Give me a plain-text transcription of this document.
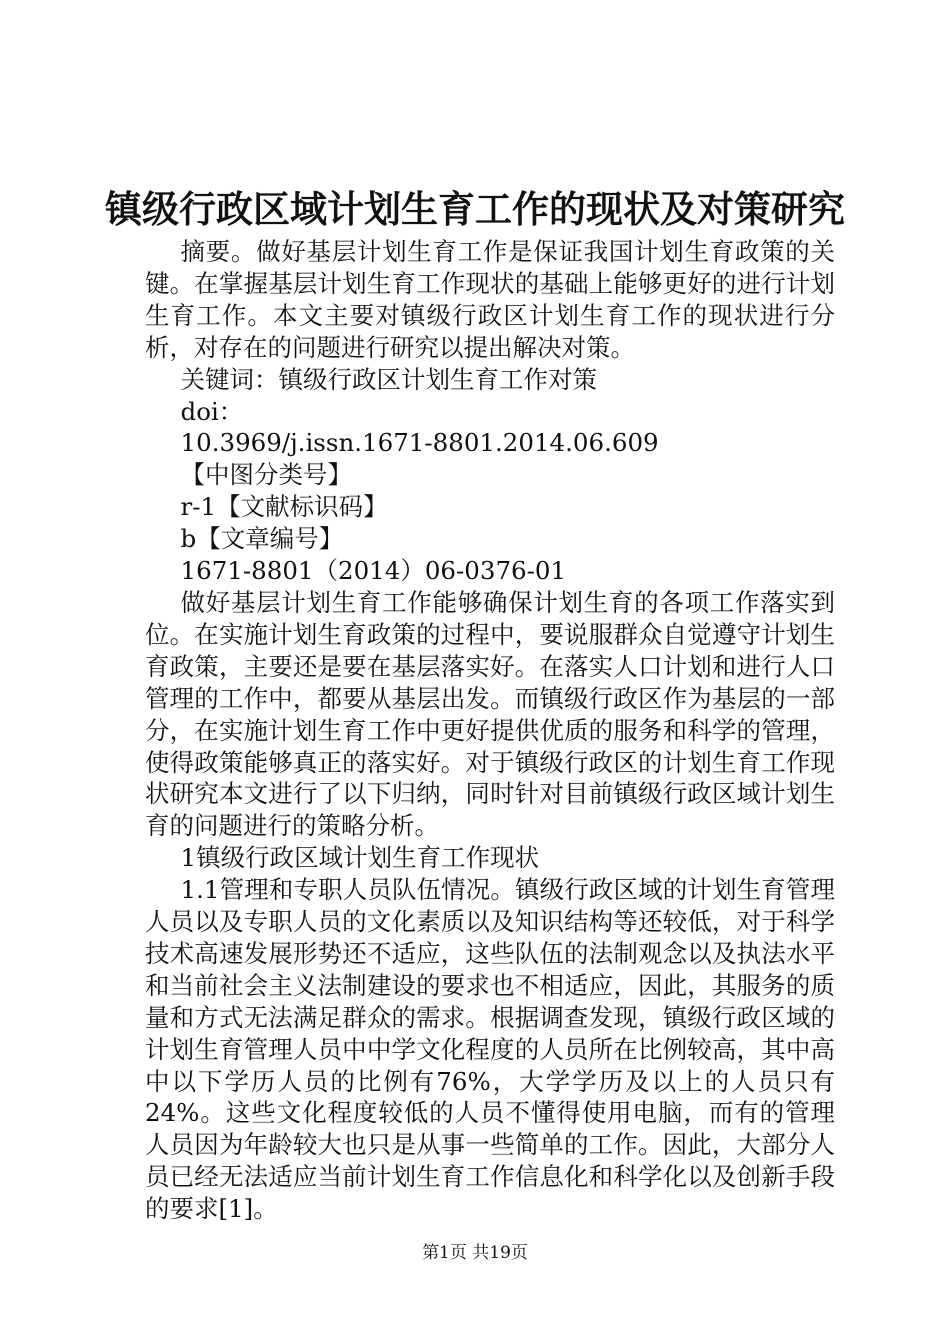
镇级行政区域计划生育工作的现状及对策研究

摘要。做好基层计划生育工作是保证我国计划生育政策的关键。在掌握基层计划生育工作现状的基础上能够更好的进行计划生育工作。本文主要对镇级行政区计划生育工作的现状进行分析，对存在的问题进行研究以提出解决对策。

关键词：镇级行政区计划生育工作对策

doi：

10.3969/j.issn.1671-8801.2014.06.609

【中图分类号】

r-1【文献标识码】

b【文章编号】

1671-8801（2014）06-0376-01

做好基层计划生育工作能够确保计划生育的各项工作落实到位。在实施计划生育政策的过程中，要说服群众自觉遵守计划生育政策，主要还是要在基层落实好。在落实人口计划和进行人口管理的工作中，都要从基层出发。而镇级行政区作为基层的一部分，在实施计划生育工作中更好提供优质的服务和科学的管理，使得政策能够真正的落实好。对于镇级行政区的计划生育工作现状研究本文进行了以下归纳，同时针对目前镇级行政区域计划生育的问题进行的策略分析。

1镇级行政区域计划生育工作现状

1.1管理和专职人员队伍情况。镇级行政区域的计划生育管理人员以及专职人员的文化素质以及知识结构等还较低，对于科学技术高速发展形势还不适应，这些队伍的法制观念以及执法水平和当前社会主义法制建设的要求也不相适应，因此，其服务的质量和方式无法满足群众的需求。根据调查发现，镇级行政区域的计划生育管理人员中中学文化程度的人员所在比例较高，其中高中以下学历人员的比例有76%，大学学历及以上的人员只有24%。这些文化程度较低的人员不懂得使用电脑，而有的管理人员因为年龄较大也只是从事一些简单的工作。因此，大部分人员已经无法适应当前计划生育工作信息化和科学化以及创新手段的要求[1]。

第1页 共19页
